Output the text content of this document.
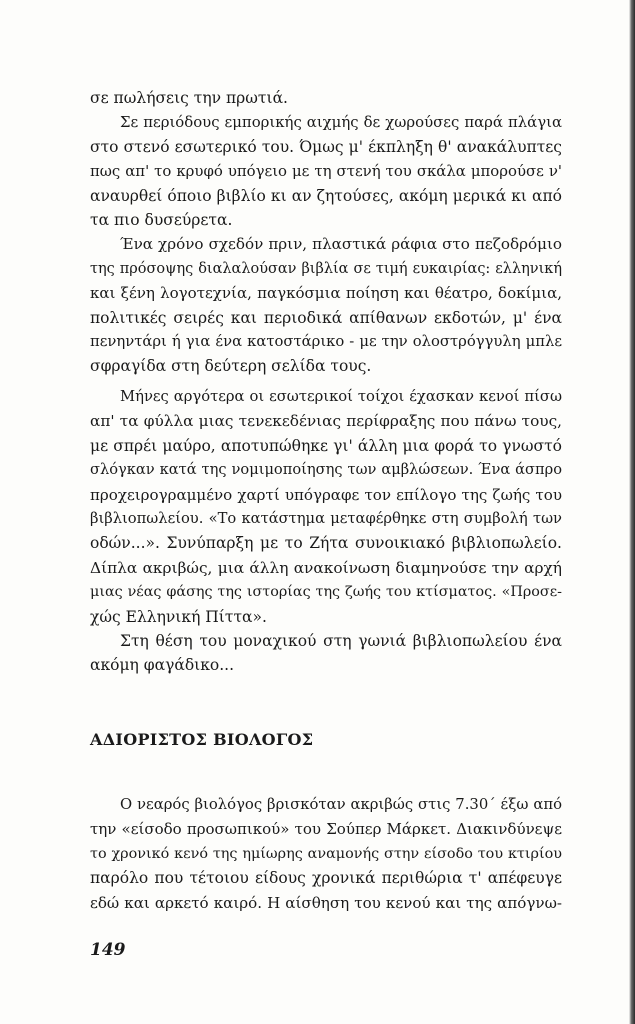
σε πωλήσεις την πρωτιά.

Σε περιόδους εμπορικής αιχμής δε χωρούσες παρά πλάγια
στο στενό εσωτερικό του. Όμως μ' έκπληξη θ' ανακάλυπτες
πως απ' το κρυφό υπόγειο με τη στενή του σκάλα μπορούσε ν'
αναυρθεί όποιο βιβλίο κι αν ζητούσες, ακόμη μερικά κι από
τα πιο δυσεύρετα.

Ένα χρόνο σχεδόν πριν, πλαστικά ράφια στο πεζοδρόμιο
της πρόσοψης διαλαλούσαν βιβλία σε τιμή ευκαιρίας: ελληνική
και ξένη λογοτεχνία, παγκόσμια ποίηση και θέατρο, δοκίμια,
πολιτικές σειρές και περιοδικά απίθανων εκδοτών, μ' ένα
πενηντάρι ή για ένα κατοστάρικο - με την ολοστρόγγυλη μπλε
σφραγίδα στη δεύτερη σελίδα τους.

Μήνες αργότερα οι εσωτερικοί τοίχοι έχασκαν κενοί πίσω
απ' τα φύλλα μιας τενεκεδένιας περίφραξης που πάνω τους,
με σπρέι μαύρο, αποτυπώθηκε γι' άλλη μια φορά το γνωστό
σλόγκαν κατά της νομιμοποίησης των αμβλώσεων. Ένα άσπρο
προχειρογραμμένο χαρτί υπόγραφε τον επίλογο της ζωής του
βιβλιοπωλείου. «Το κατάστημα μεταφέρθηκε στη συμβολή των
οδών...». Συνύπαρξη με το Ζήτα συνοικιακό βιβλιοπωλείο.
Δίπλα ακριβώς, μια άλλη ανακοίνωση διαμηνούσε την αρχή
μιας νέας φάσης της ιστορίας της ζωής του κτίσματος. «Προσε-
χώς Ελληνική Πίττα».

Στη θέση του μοναχικού στη γωνιά βιβλιοπωλείου ένα
ακόμη φαγάδικο...

ΑΔΙΟΡΙΣΤΟΣ ΒΙΟΛΟΓΟΣ

Ο νεαρός βιολόγος βρισκόταν ακριβώς στις 7.30΄ έξω από
την «είσοδο προσωπικού» του Σούπερ Μάρκετ. Διακινδύνεψε
το χρονικό κενό της ημίωρης αναμονής στην είσοδο του κτιρίου
παρόλο που τέτοιου είδους χρονικά περιθώρια τ' απέφευγε
εδώ και αρκετό καιρό. Η αίσθηση του κενού και της απόγνω-

149
